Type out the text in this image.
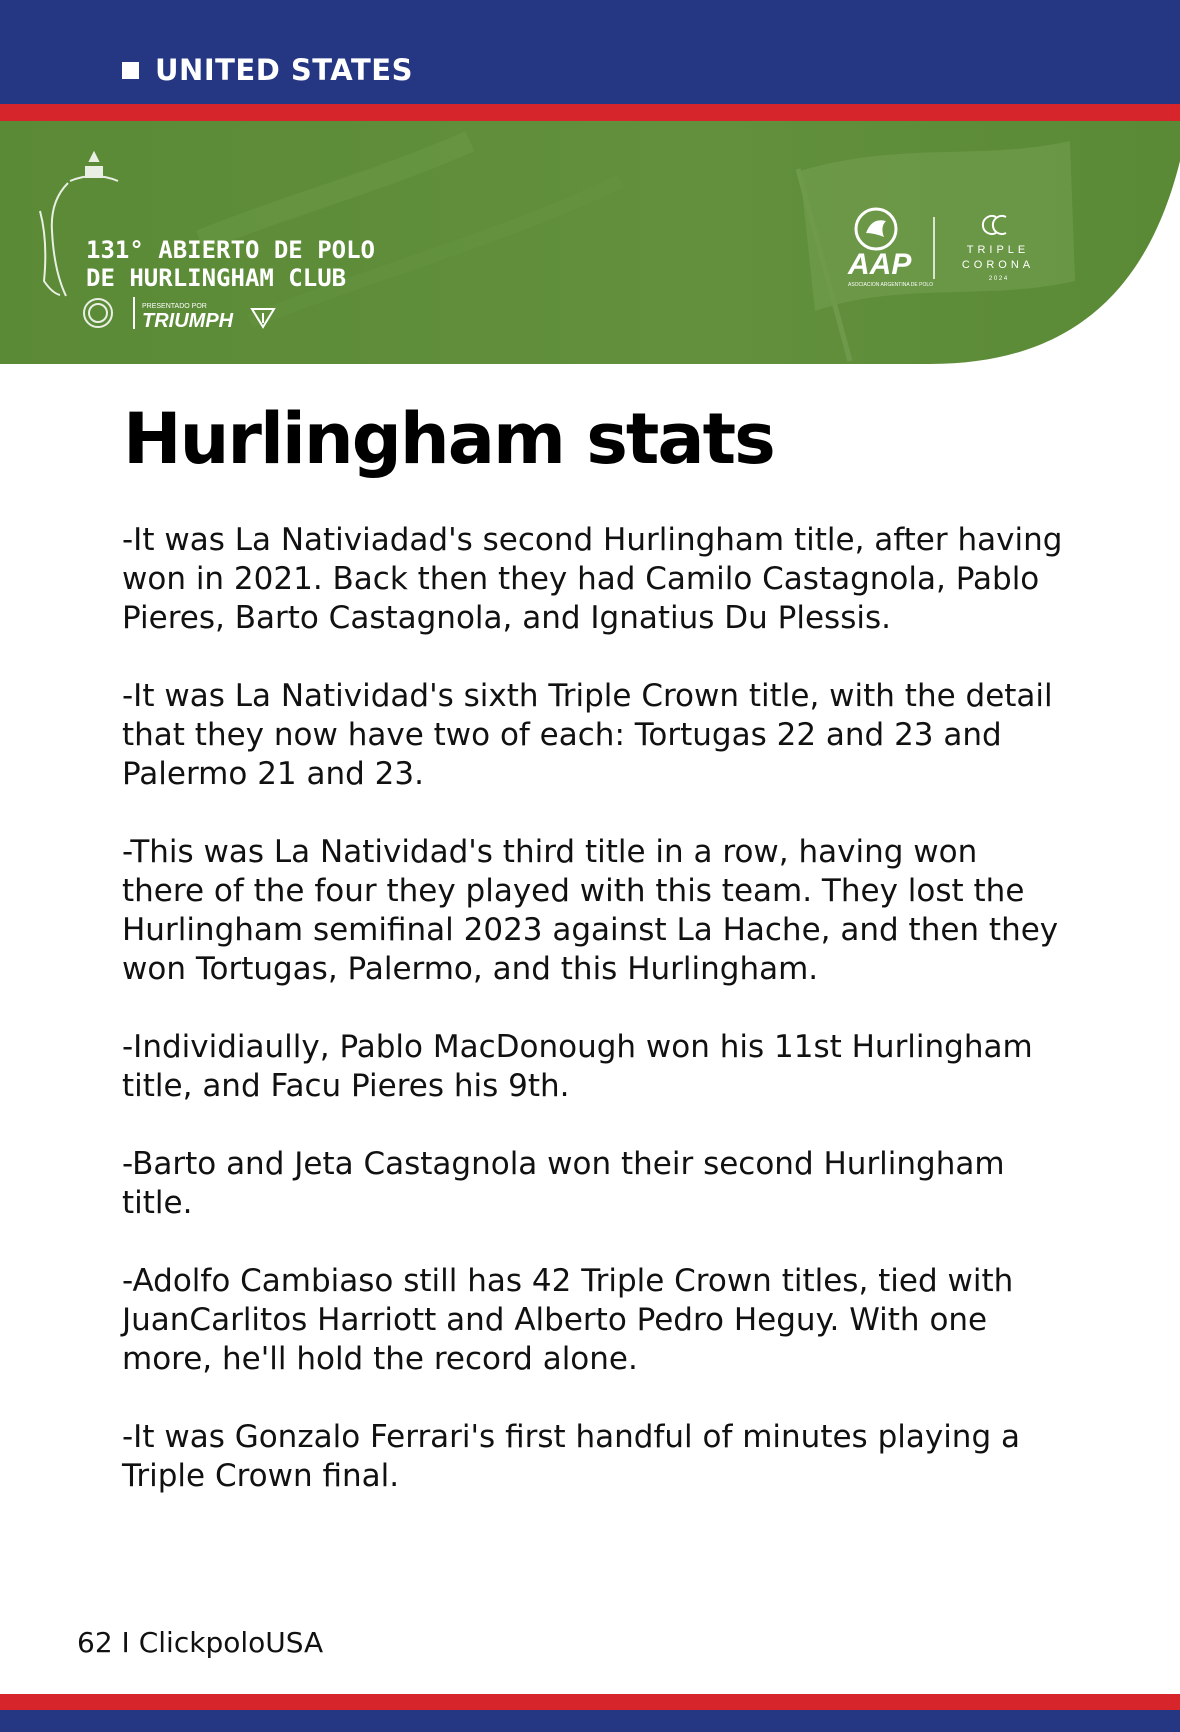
UNITED STATES
131° ABIERTO DE POLO
DE HURLINGHAM CLUB
PRESENTADO POR
TRIUMPH
AAP
ASOCIACION ARGENTINA DE POLO
TRIPLE
CORONA
2 0 2 4
Hurlingham stats

-It was La Nativiadad's second Hurlingham title, after having
won in 2021. Back then they had Camilo Castagnola, Pablo
Pieres, Barto Castagnola, and Ignatius Du Plessis.

-It was La Natividad's sixth Triple Crown title, with the detail
that they now have two of each: Tortugas 22 and 23 and
Palermo 21 and 23.

-This was La Natividad's third title in a row, having won
there of the four they played with this team. They lost the
Hurlingham semifinal 2023 against La Hache, and then they
won Tortugas, Palermo, and this Hurlingham.

-Individiaully, Pablo MacDonough won his 11st Hurlingham
title, and Facu Pieres his 9th.

-Barto and Jeta Castagnola won their second Hurlingham
title.

-Adolfo Cambiaso still has 42 Triple Crown titles, tied with
JuanCarlitos Harriott and Alberto Pedro Heguy. With one
more, he'll hold the record alone.

-It was Gonzalo Ferrari's first handful of minutes playing a
Triple Crown final.

62 I ClickpoloUSA
